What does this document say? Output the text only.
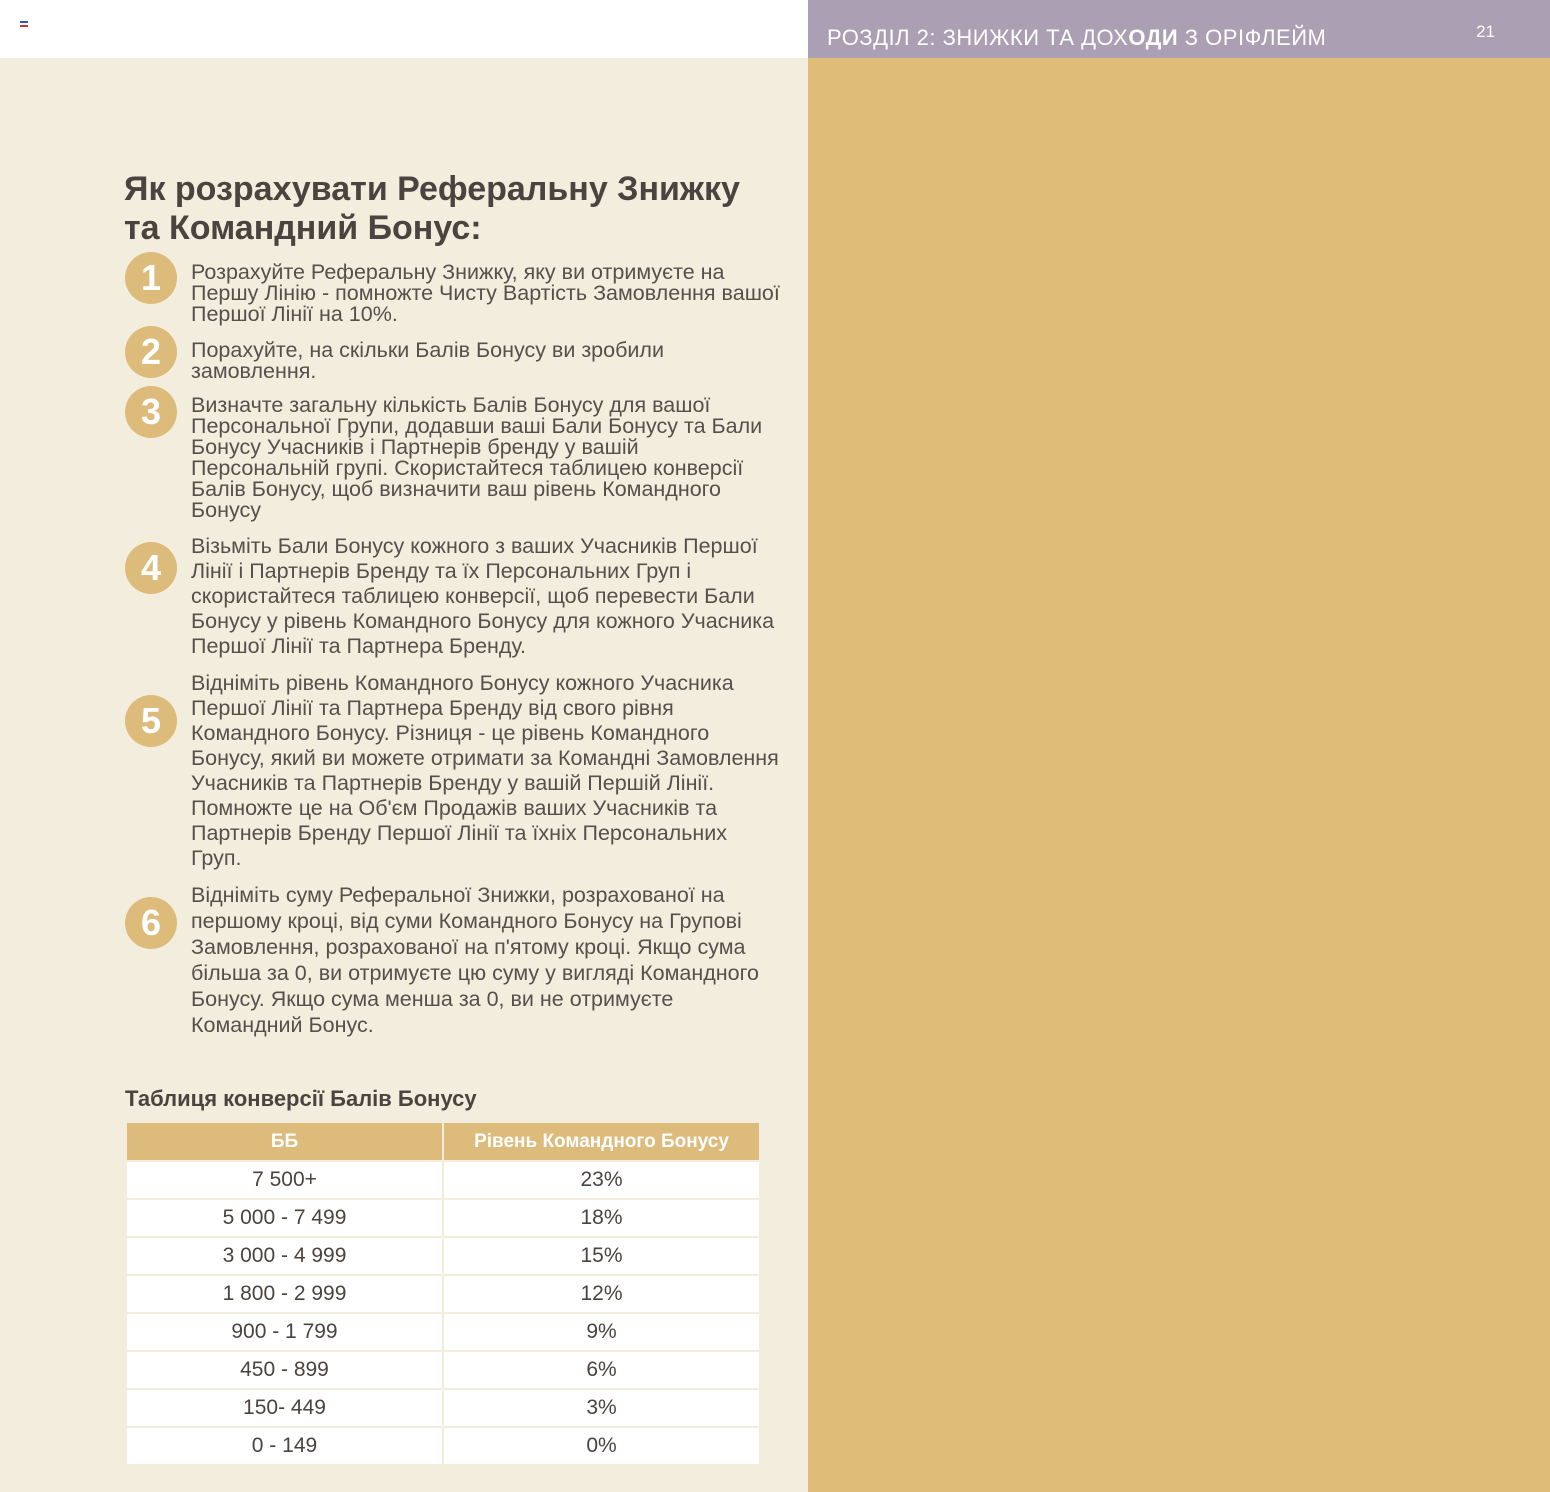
РОЗДІЛ 2: ЗНИЖКИ ТА ДОХОДИ З ОРІФЛЕЙМ	21
Як розрахувати Реферальну Знижку та Командний Бонус:
1	Розрахуйте Реферальну Знижку, яку ви отримуєте на Першу Лінію - помножте Чисту Вартість Замовлення вашої Першої Лінії на 10%.
2	Порахуйте, на скільки Балів Бонусу ви зробили замовлення.
3	Визначте загальну кількість Балів Бонусу для вашої Персональної Групи, додавши ваші Бали Бонусу та Бали Бонусу Учасників і Партнерів бренду у вашій Персональній групі. Скористайтеся таблицею конверсії Балів Бонусу, щоб визначити ваш рівень Командного Бонусу
4
Візьміть Бали Бонусу кожного з ваших Учасників Першої Лінії і Партнерів Бренду та їх Персональних Груп і скористайтеся таблицею конверсії, щоб перевести Бали Бонусу у рівень Командного Бонусу для кожного Учасника Першої Лінії та Партнера Бренду.
5
Відніміть рівень Командного Бонусу кожного Учасника Першої Лінії та Партнера Бренду від свого рівня Командного Бонусу. Різниця - це рівень Командного Бонусу, який ви можете отримати за Командні Замовлення Учасників та Партнерів Бренду у вашій Першій Лінії. Помножте це на Об'єм Продажів ваших Учасників та Партнерів Бренду Першої Лінії та їхніх Персональних Груп.
6
Відніміть суму Реферальної Знижки, розрахованої на першому кроці, від суми Командного Бонусу на Групові Замовлення, розрахованої на п'ятому кроці. Якщо сума більша за 0, ви отримуєте цю суму у вигляді Командного Бонусу. Якщо сума менша за 0, ви не отримуєте Командний Бонус.
Таблиця конверсії Балів Бонусу
ББ	Рівень Командного Бонусу
7 500+	23%
5 000 - 7 499	18%
3 000 - 4 999	15%
1 800 - 2 999	12%
900 - 1 799	9%
450 - 899	6%
150- 449	3%
0 - 149	0%
